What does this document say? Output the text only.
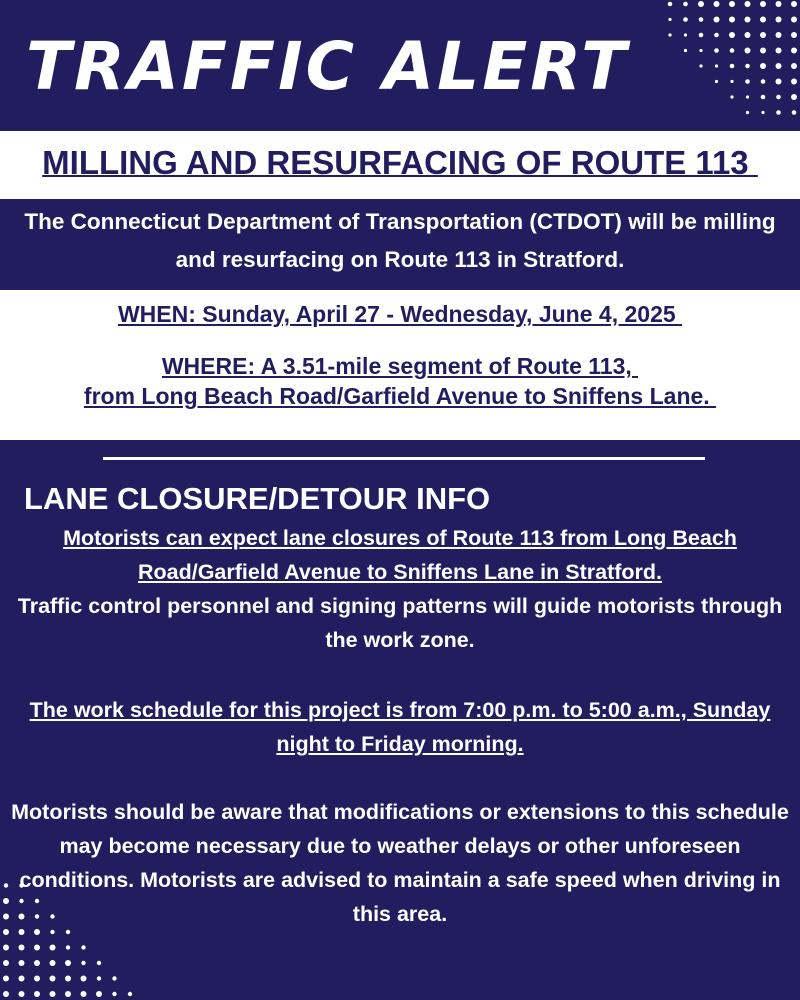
TRAFFIC ALERT
MILLING AND RESURFACING OF ROUTE 113

The Connecticut Department of Transportation (CTDOT) will be milling and resurfacing on Route 113 in Stratford.

WHEN: Sunday, April 27 - Wednesday, June 4, 2025

WHERE: A 3.51-mile segment of Route 113,
from Long Beach Road/Garfield Avenue to Sniffens Lane.

LANE CLOSURE/DETOUR INFO

Motorists can expect lane closures of Route 113 from Long Beach Road/Garfield Avenue to Sniffens Lane in Stratford.

Traffic control personnel and signing patterns will guide motorists through the work zone.

The work schedule for this project is from 7:00 p.m. to 5:00 a.m., Sunday night to Friday morning.

Motorists should be aware that modifications or extensions to this schedule may become necessary due to weather delays or other unforeseen conditions. Motorists are advised to maintain a safe speed when driving in this area.
